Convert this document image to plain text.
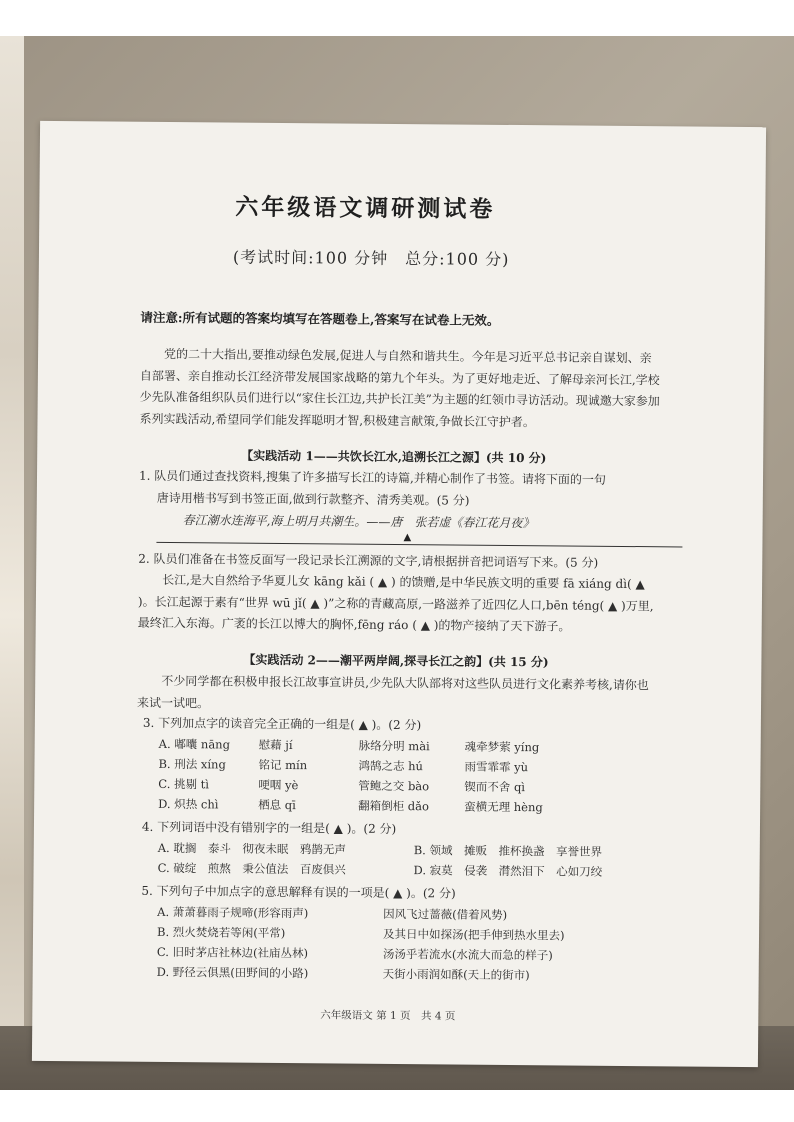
六年级语文调研测试卷
(考试时间:100 分钟　总分:100 分)
请注意:所有试题的答案均填写在答题卷上,答案写在试卷上无效。
党的二十大指出,要推动绿色发展,促进人与自然和谐共生。今年是习近平总书记亲自谋划、亲自部署、亲自推动长江经济带发展国家战略的第九个年头。为了更好地走近、了解母亲河长江,学校少先队准备组织队员们进行以“家住长江边,共护长江美”为主题的红领巾寻访活动。现诚邀大家参加系列实践活动,希望同学们能发挥聪明才智,积极建言献策,争做长江守护者。
【实践活动 1——共饮长江水,追溯长江之源】(共 10 分)
1. 队员们通过查找资料,搜集了许多描写长江的诗篇,并精心制作了书签。请将下面的一句
唐诗用楷书写到书签正面,做到行款整齐、清秀美观。(5 分)
春江潮水连海平,海上明月共潮生。——唐　张若虚《春江花月夜》
▲
2. 队员们准备在书签反面写一段记录长江溯源的文字,请根据拼音把词语写下来。(5 分)
长江,是大自然给予华夏儿女 kāng kǎi ( ▲ ) 的馈赠,是中华民族文明的重要 fā xiáng dì( ▲ )。长江起源于素有“世界 wū jǐ( ▲ )”之称的青藏高原,一路滋养了近四亿人口,bēn téng( ▲ )万里,最终汇入东海。广袤的长江以博大的胸怀,fēng ráo ( ▲ )的物产接纳了天下游子。
【实践活动 2——潮平两岸阔,探寻长江之韵】(共 15 分)
不少同学都在积极申报长江故事宣讲员,少先队大队部将对这些队员进行文化素养考核,请你也来试一试吧。
3. 下列加点字的读音完全正确的一组是( ▲ )。(2 分)
A. 嘟囔 nāng 慰藉 jí	脉络分明 mài	魂牵梦萦 yíng
B. 刑法 xíng	铭记 mín	鸿鹄之志 hú	雨雪霏霏 yù
C. 挑剔 tì	哽咽 yè	管鲍之交 bào	锲而不舍 qì
D. 炽热 chì	栖息 qī	翻箱倒柜 dǎo	蛮横无理 hèng
4. 下列词语中没有错别字的一组是( ▲ )。(2 分)
A. 耽搁　泰斗　彻夜未眠　鸦鹊无声	B. 领域　摊贩　推杯换盏　享誉世界
C. 破绽　煎熬　秉公值法　百废俱兴	D. 寂莫　侵袭　潸然泪下　心如刀绞
5. 下列句子中加点字的意思解释有误的一项是( ▲ )。(2 分)
A. 萧萧暮雨子规啼(形容雨声)	因风飞过蔷薇(借着风势)
B. 烈火焚烧若等闲(平常)	及其日中如探汤(把手伸到热水里去)
C. 旧时茅店社林边(社庙丛林)	汤汤乎若流水(水流大而急的样子)
D. 野径云俱黑(田野间的小路)	天街小雨润如酥(天上的街市)
六年级语文 第 1 页　共 4 页
